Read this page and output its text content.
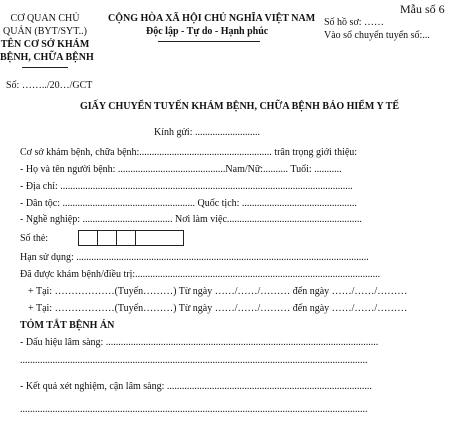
CƠ QUAN CHỦ
QUẢN (BYT/SYT..)
TÊN CƠ SỞ KHÁM
BỆNH, CHỮA BỆNH
CỘNG HÒA XÃ HỘI CHỦ NGHĨA VIỆT NAM
Độc lập - Tự do - Hạnh phúc
Mẫu số 6
Số hồ sơ: ……
Vào sổ chuyển tuyến số:...
Số: ……../20…/GCT
GIẤY CHUYỂN TUYẾN KHÁM BỆNH, CHỮA BỆNH BẢO HIỂM Y TẾ
Kính gửi: ..........................
Cơ sở khám bệnh, chữa bệnh:..................................................... trân trọng giới thiệu:
- Họ và tên người bệnh: ...........................................Nam/Nữ:.......... Tuổi: ...........
- Địa chỉ: .....................................................................................................................
- Dân tộc: ..................................................... Quốc tịch: ..............................................
- Nghề nghiệp: .................................... Nơi làm việc......................................................
Số thẻ:
Hạn sử dụng: .....................................................................................................................
Đã được khám bệnh/điều trị:..................................................................................................
+ Tại: ………………(Tuyến………) Từ ngày ……/……/……… đến ngày ……/……/………
+ Tại: ………………(Tuyến………) Từ ngày ……/……/……… đến ngày ……/……/………
TÓM TẮT BỆNH ÁN
- Dấu hiệu lâm sàng: .............................................................................................................
...........................................................................................................................................
- Kết quả xét nghiệm, cận lâm sàng: ..................................................................................
...........................................................................................................................................
